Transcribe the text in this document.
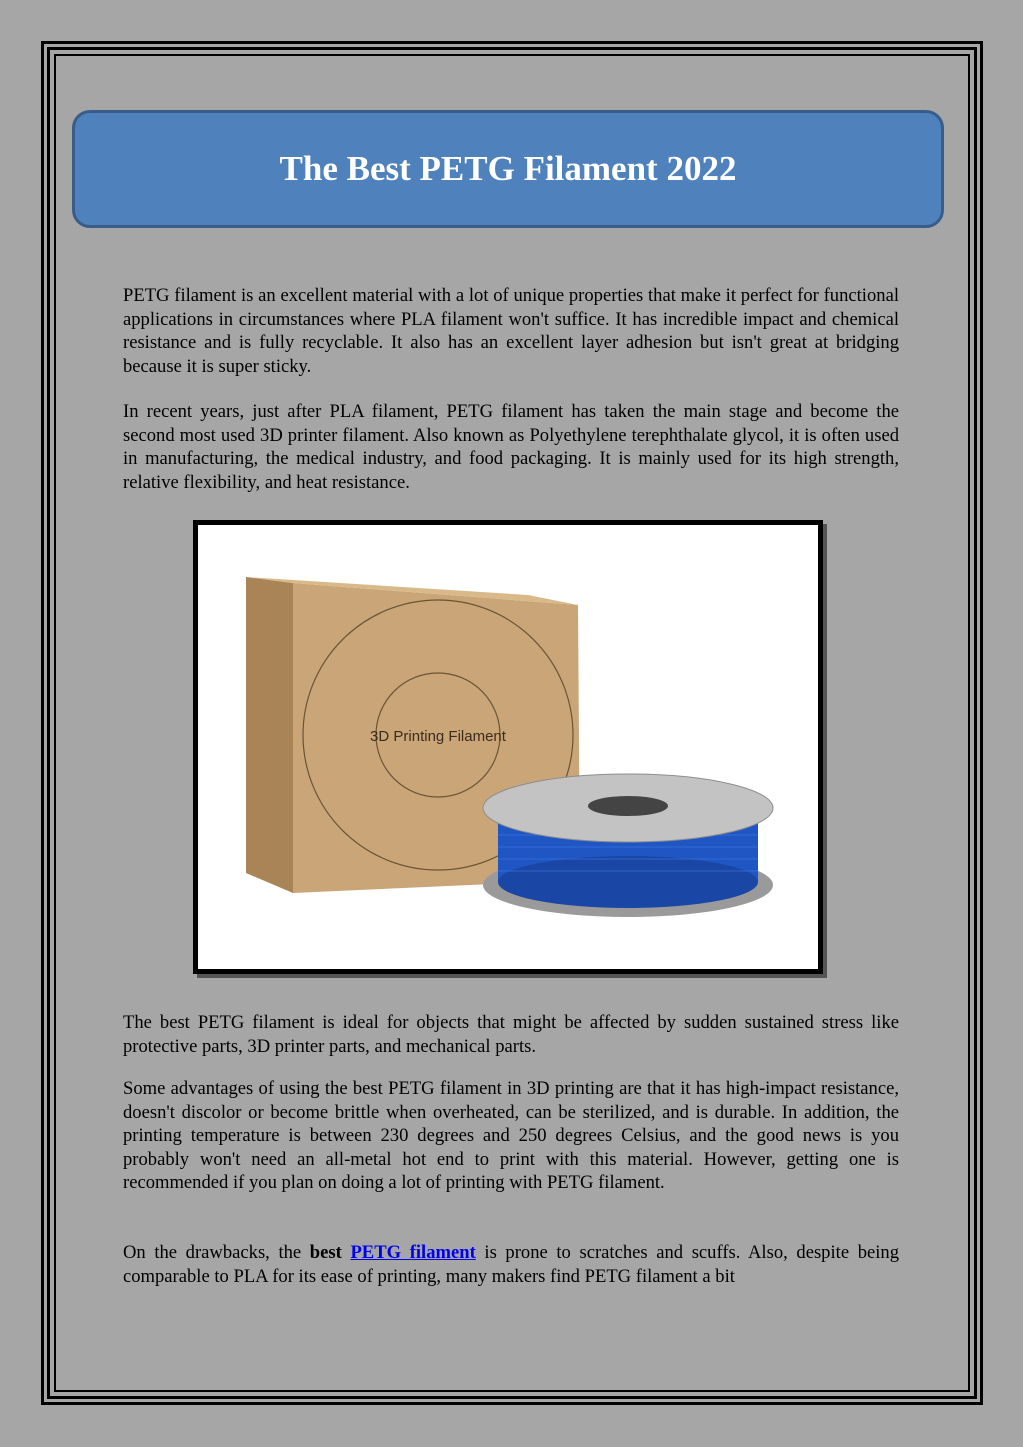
The Best PETG Filament 2022

PETG filament is an excellent material with a lot of unique properties that make it perfect for functional applications in circumstances where PLA filament won't suffice. It has incredible impact and chemical resistance and is fully recyclable. It also has an excellent layer adhesion but isn't great at bridging because it is super sticky.

In recent years, just after PLA filament, PETG filament has taken the main stage and become the second most used 3D printer filament. Also known as Polyethylene terephthalate glycol, it is often used in manufacturing, the medical industry, and food packaging. It is mainly used for its high strength, relative flexibility, and heat resistance.

3D Printing Filament

The best PETG filament is ideal for objects that might be affected by sudden sustained stress like protective parts, 3D printer parts, and mechanical parts.

Some advantages of using the best PETG filament in 3D printing are that it has high-impact resistance, doesn't discolor or become brittle when overheated, can be sterilized, and is durable. In addition, the printing temperature is between 230 degrees and 250 degrees Celsius, and the good news is you probably won't need an all-metal hot end to print with this material. However, getting one is recommended if you plan on doing a lot of printing with PETG filament.

On the drawbacks, the best PETG filament is prone to scratches and scuffs. Also, despite being comparable to PLA for its ease of printing, many makers find PETG filament a bit
